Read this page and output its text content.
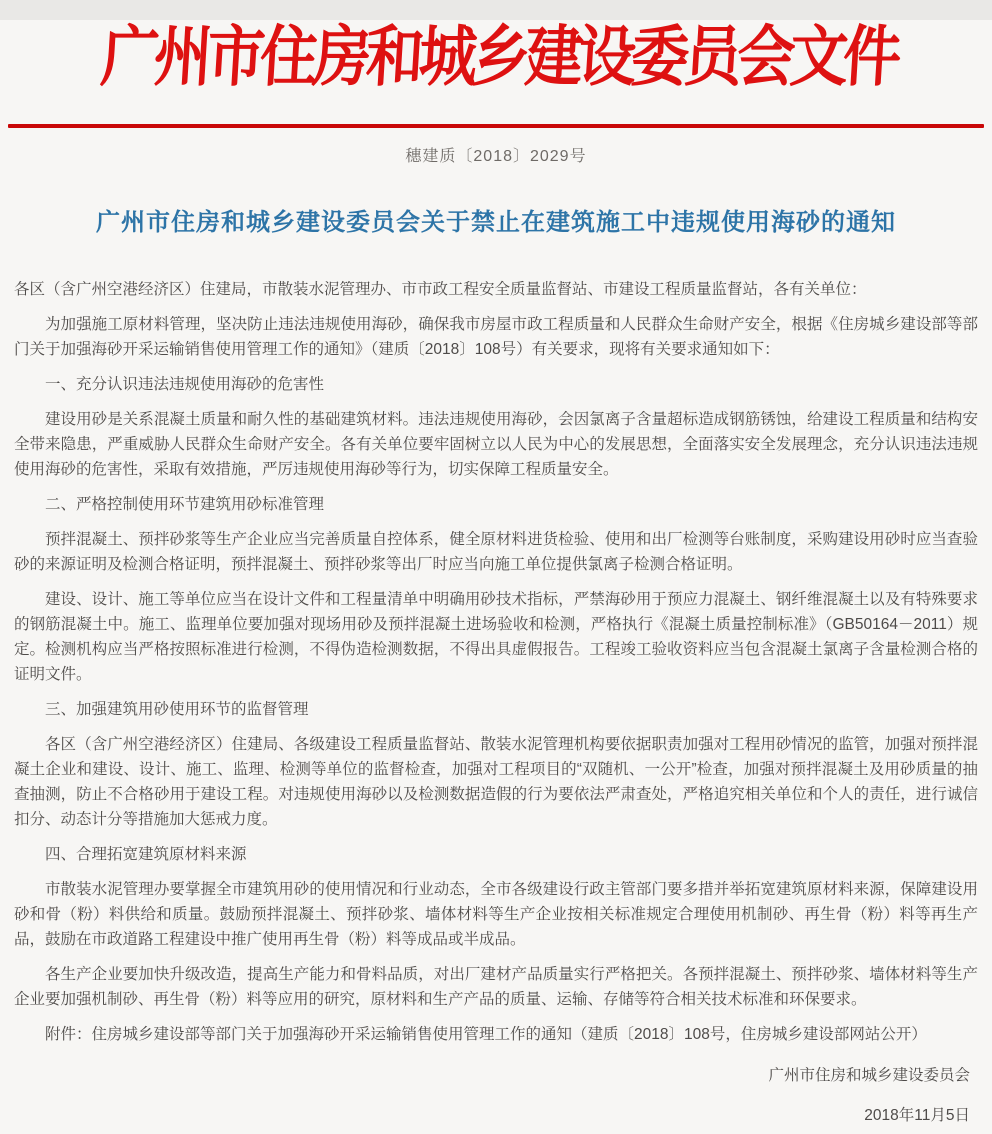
广州市住房和城乡建设委员会文件
穗建质〔2018〕2029号
广州市住房和城乡建设委员会关于禁止在建筑施工中违规使用海砂的通知

各区（含广州空港经济区）住建局，市散装水泥管理办、市市政工程安全质量监督站、市建设工程质量监督站，各有关单位：

为加强施工原材料管理，坚决防止违法违规使用海砂，确保我市房屋市政工程质量和人民群众生命财产安全，根据《住房城乡建设部等部门关于加强海砂开采运输销售使用管理工作的通知》（建质〔2018〕108号）有关要求，现将有关要求通知如下：

一、充分认识违法违规使用海砂的危害性

建设用砂是关系混凝土质量和耐久性的基础建筑材料。违法违规使用海砂，会因氯离子含量超标造成钢筋锈蚀，给建设工程质量和结构安全带来隐患，严重威胁人民群众生命财产安全。各有关单位要牢固树立以人民为中心的发展思想，全面落实安全发展理念，充分认识违法违规使用海砂的危害性，采取有效措施，严厉违规使用海砂等行为，切实保障工程质量安全。

二、严格控制使用环节建筑用砂标准管理

预拌混凝土、预拌砂浆等生产企业应当完善质量自控体系，健全原材料进货检验、使用和出厂检测等台账制度，采购建设用砂时应当查验砂的来源证明及检测合格证明，预拌混凝土、预拌砂浆等出厂时应当向施工单位提供氯离子检测合格证明。

建设、设计、施工等单位应当在设计文件和工程量清单中明确用砂技术指标，严禁海砂用于预应力混凝土、钢纤维混凝土以及有特殊要求的钢筋混凝土中。施工、监理单位要加强对现场用砂及预拌混凝土进场验收和检测，严格执行《混凝土质量控制标准》（GB50164－2011）规定。检测机构应当严格按照标准进行检测，不得伪造检测数据，不得出具虚假报告。工程竣工验收资料应当包含混凝土氯离子含量检测合格的证明文件。

三、加强建筑用砂使用环节的监督管理

各区（含广州空港经济区）住建局、各级建设工程质量监督站、散装水泥管理机构要依据职责加强对工程用砂情况的监管，加强对预拌混凝土企业和建设、设计、施工、监理、检测等单位的监督检查，加强对工程项目的“双随机、一公开”检查，加强对预拌混凝土及用砂质量的抽查抽测，防止不合格砂用于建设工程。对违规使用海砂以及检测数据造假的行为要依法严肃查处，严格追究相关单位和个人的责任，进行诚信扣分、动态计分等措施加大惩戒力度。

四、合理拓宽建筑原材料来源

市散装水泥管理办要掌握全市建筑用砂的使用情况和行业动态，全市各级建设行政主管部门要多措并举拓宽建筑原材料来源，保障建设用砂和骨（粉）料供给和质量。鼓励预拌混凝土、预拌砂浆、墙体材料等生产企业按相关标准规定合理使用机制砂、再生骨（粉）料等再生产品，鼓励在市政道路工程建设中推广使用再生骨（粉）料等成品或半成品。

各生产企业要加快升级改造，提高生产能力和骨料品质，对出厂建材产品质量实行严格把关。各预拌混凝土、预拌砂浆、墙体材料等生产企业要加强机制砂、再生骨（粉）料等应用的研究，原材料和生产产品的质量、运输、存储等符合相关技术标准和环保要求。

附件：住房城乡建设部等部门关于加强海砂开采运输销售使用管理工作的通知（建质〔2018〕108号，住房城乡建设部网站公开）

广州市住房和城乡建设委员会
2018年11月5日
